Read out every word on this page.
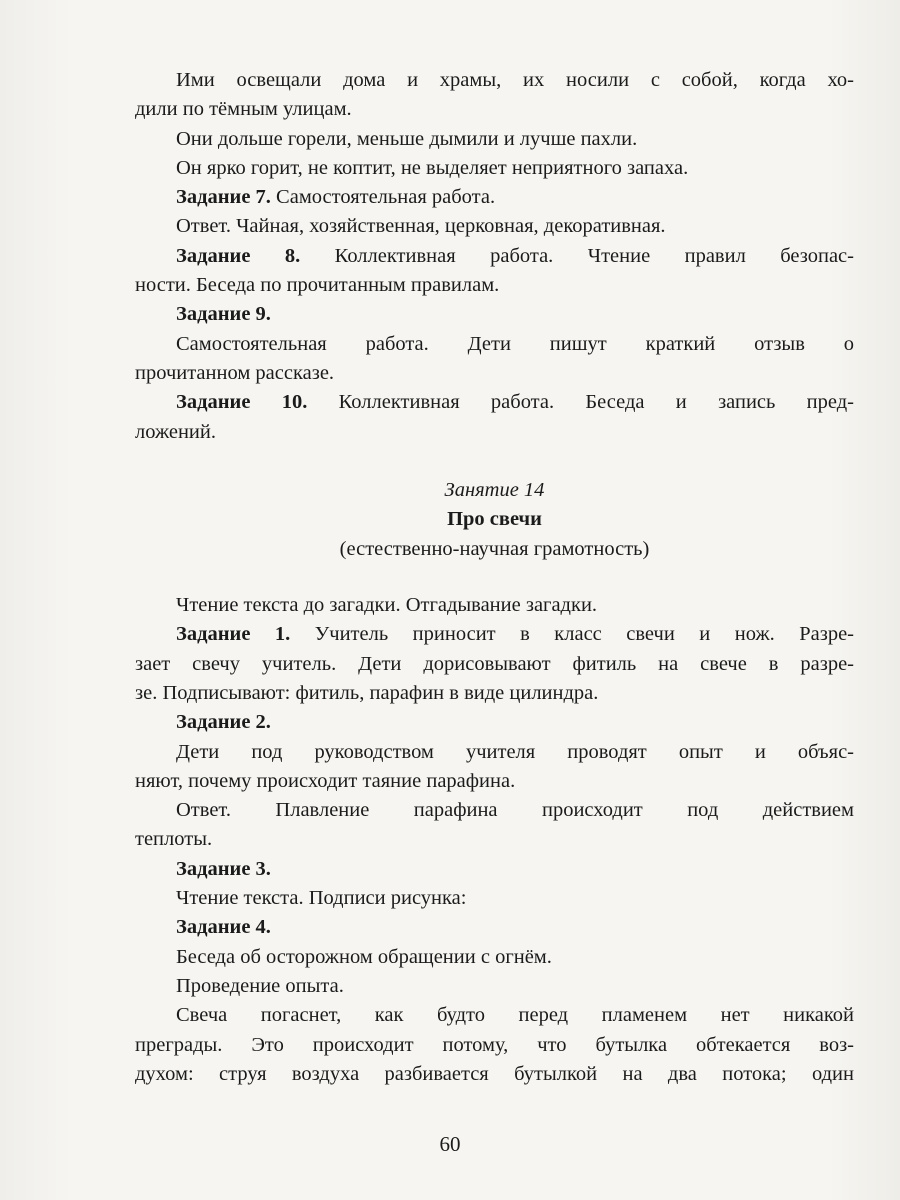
Ими освещали дома и храмы, их носили с собой, когда хо-
дили по тёмным улицам.
Они дольше горели, меньше дымили и лучше пахли.
Он ярко горит, не коптит, не выделяет неприятного запаха.
Задание 7. Самостоятельная работа.
Ответ. Чайная, хозяйственная, церковная, декоративная.
Задание 8. Коллективная работа. Чтение правил безопас-
ности. Беседа по прочитанным правилам.
Задание 9.
Самостоятельная работа. Дети пишут краткий отзыв о
прочитанном рассказе.
Задание 10. Коллективная работа. Беседа и запись пред-
ложений.
Занятие 14
Про свечи
(естественно-научная грамотность)
Чтение текста до загадки. Отгадывание загадки.
Задание 1. Учитель приносит в класс свечи и нож. Разре-
зает свечу учитель. Дети дорисовывают фитиль на свече в разре-
зе. Подписывают: фитиль, парафин в виде цилиндра.
Задание 2.
Дети под руководством учителя проводят опыт и объяс-
няют, почему происходит таяние парафина.
Ответ. Плавление парафина происходит под действием
теплоты.
Задание 3.
Чтение текста. Подписи рисунка:
Задание 4.
Беседа об осторожном обращении с огнём.
Проведение опыта.
Свеча погаснет, как будто перед пламенем нет никакой
преграды. Это происходит потому, что бутылка обтекается воз-
духом: струя воздуха разбивается бутылкой на два потока; один
60
